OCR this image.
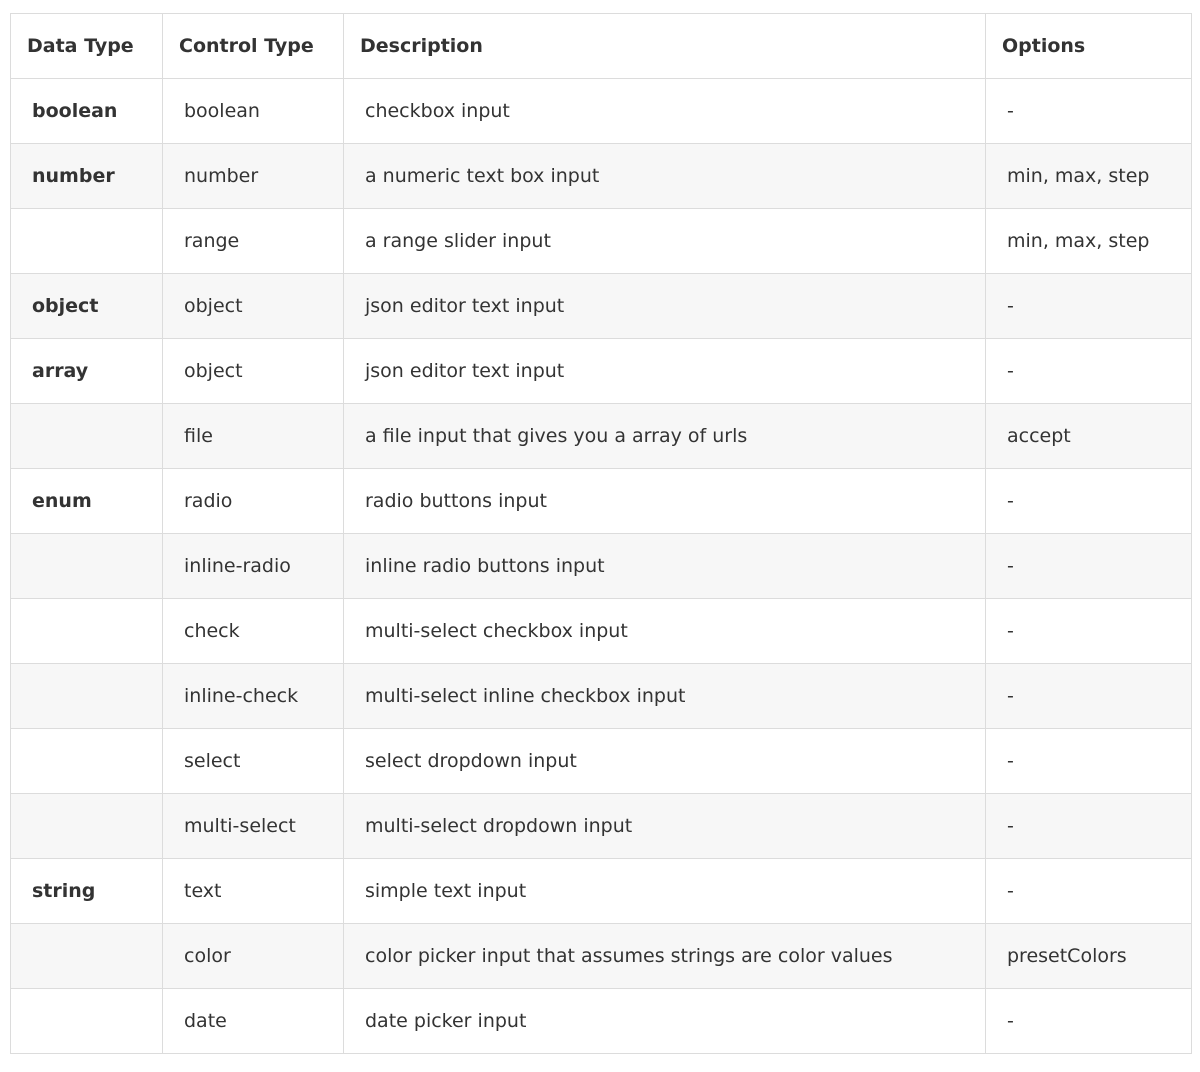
Data Type	Control Type	Description	Options
boolean	boolean	checkbox input	-
number	number	a numeric text box input	min, max, step
	range	a range slider input	min, max, step
object	object	json editor text input	-
array	object	json editor text input	-
	file	a file input that gives you a array of urls	accept
enum	radio	radio buttons input	-
	inline-radio	inline radio buttons input	-
	check	multi-select checkbox input	-
	inline-check	multi-select inline checkbox input	-
	select	select dropdown input	-
	multi-select	multi-select dropdown input	-
string	text	simple text input	-
	color	color picker input that assumes strings are color values	presetColors
	date	date picker input	-
